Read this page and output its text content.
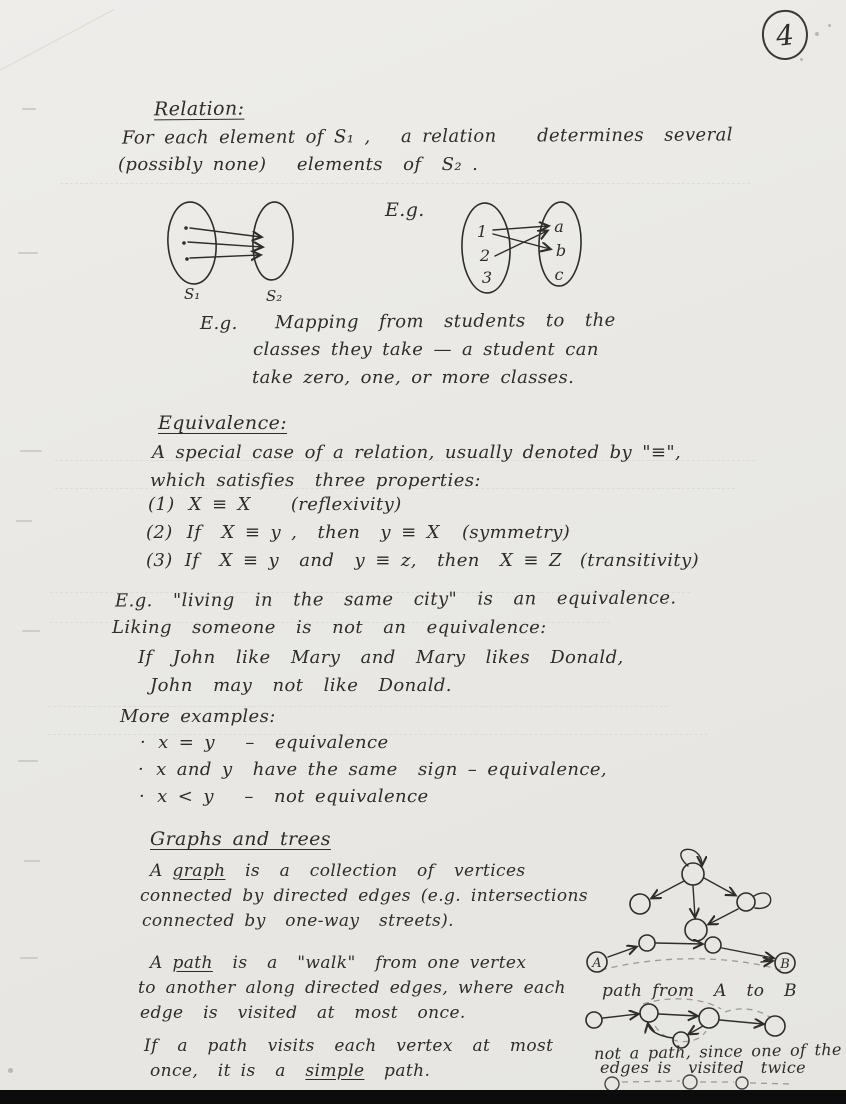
4
Relation:
For each element of S₁ ,   a relation    determines  several
(possibly none)   elements  of  S₂ .
S₁	S₂
E.g.
1
2
3
a
b
c
E.g. Mapping  from  students  to  the
classes they take — a student can
take zero, one, or more classes.
Equivalence:
A special case of a relation, usually denoted by "≡",
which satisfies  three properties:
(1) X ≡ X (reflexivity)
(2) If  X ≡ y ,  then  y ≡ X (symmetry)
(3) If  X ≡ y  and  y ≡ z,  then  X ≡ Z (transitivity)
E.g.  "living  in  the  same  city"  is  an  equivalence.
Liking  someone  is  not  an  equivalence:
If  John  like  Mary  and  Mary  likes  Donald,
John  may  not  like  Donald.
More examples:
· x = y   –  equivalence
· x and y  have the same  sign – equivalence,
· x < y   –  not equivalence
Graphs and trees
A graph  is  a  collection  of  vertices
connected by directed edges (e.g. intersections
connected by  one-way  streets).
A path  is  a  "walk"  from one vertex
to another along directed edges, where each
edge  is  visited  at  most  once.
A	B
path from  A  to  B
not a path, since one of the
edges is  visited  twice
If  a  path  visits  each  vertex  at  most
once,  it is  a  simple  path.
